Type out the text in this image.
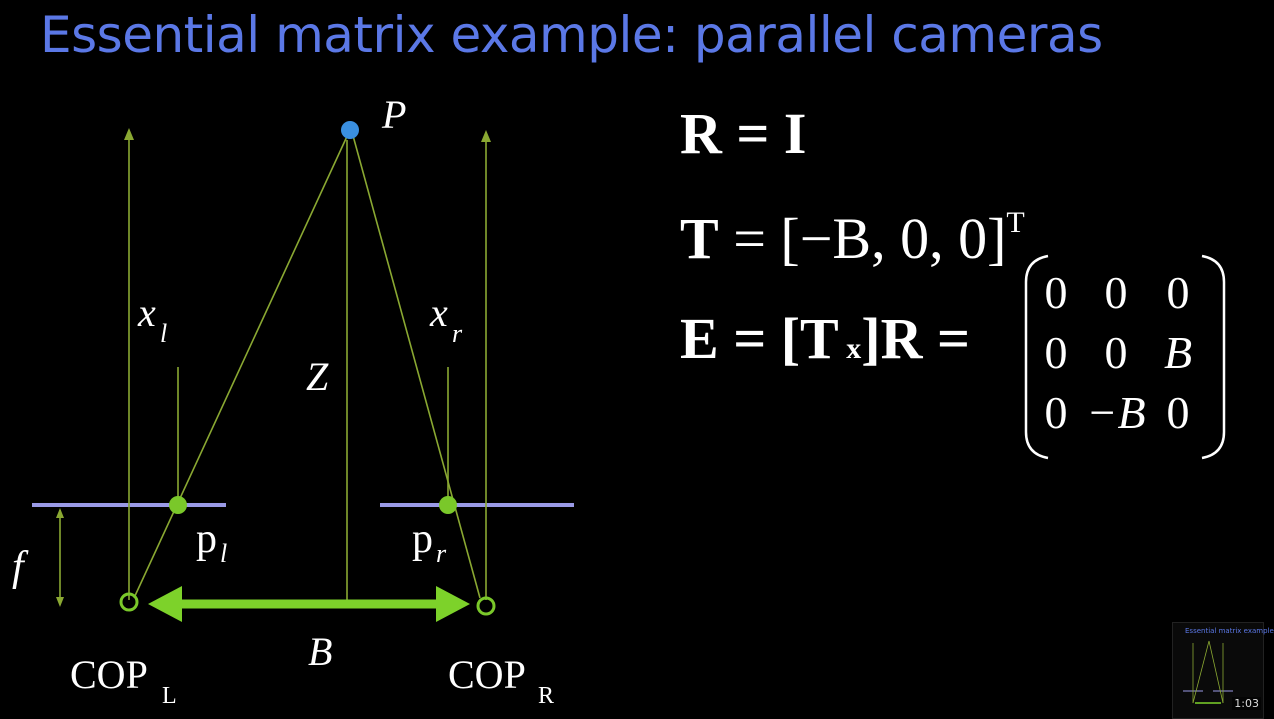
Essential matrix example: parallel cameras
P
x l	x r
Z
f
p l	p r
B
COP L	COP R
R = I
T = [−B, 0, 0]$^T$
E = [T x]R =
0 0 0
0 0 B
0 −B 0
Essential matrix example
1:03
